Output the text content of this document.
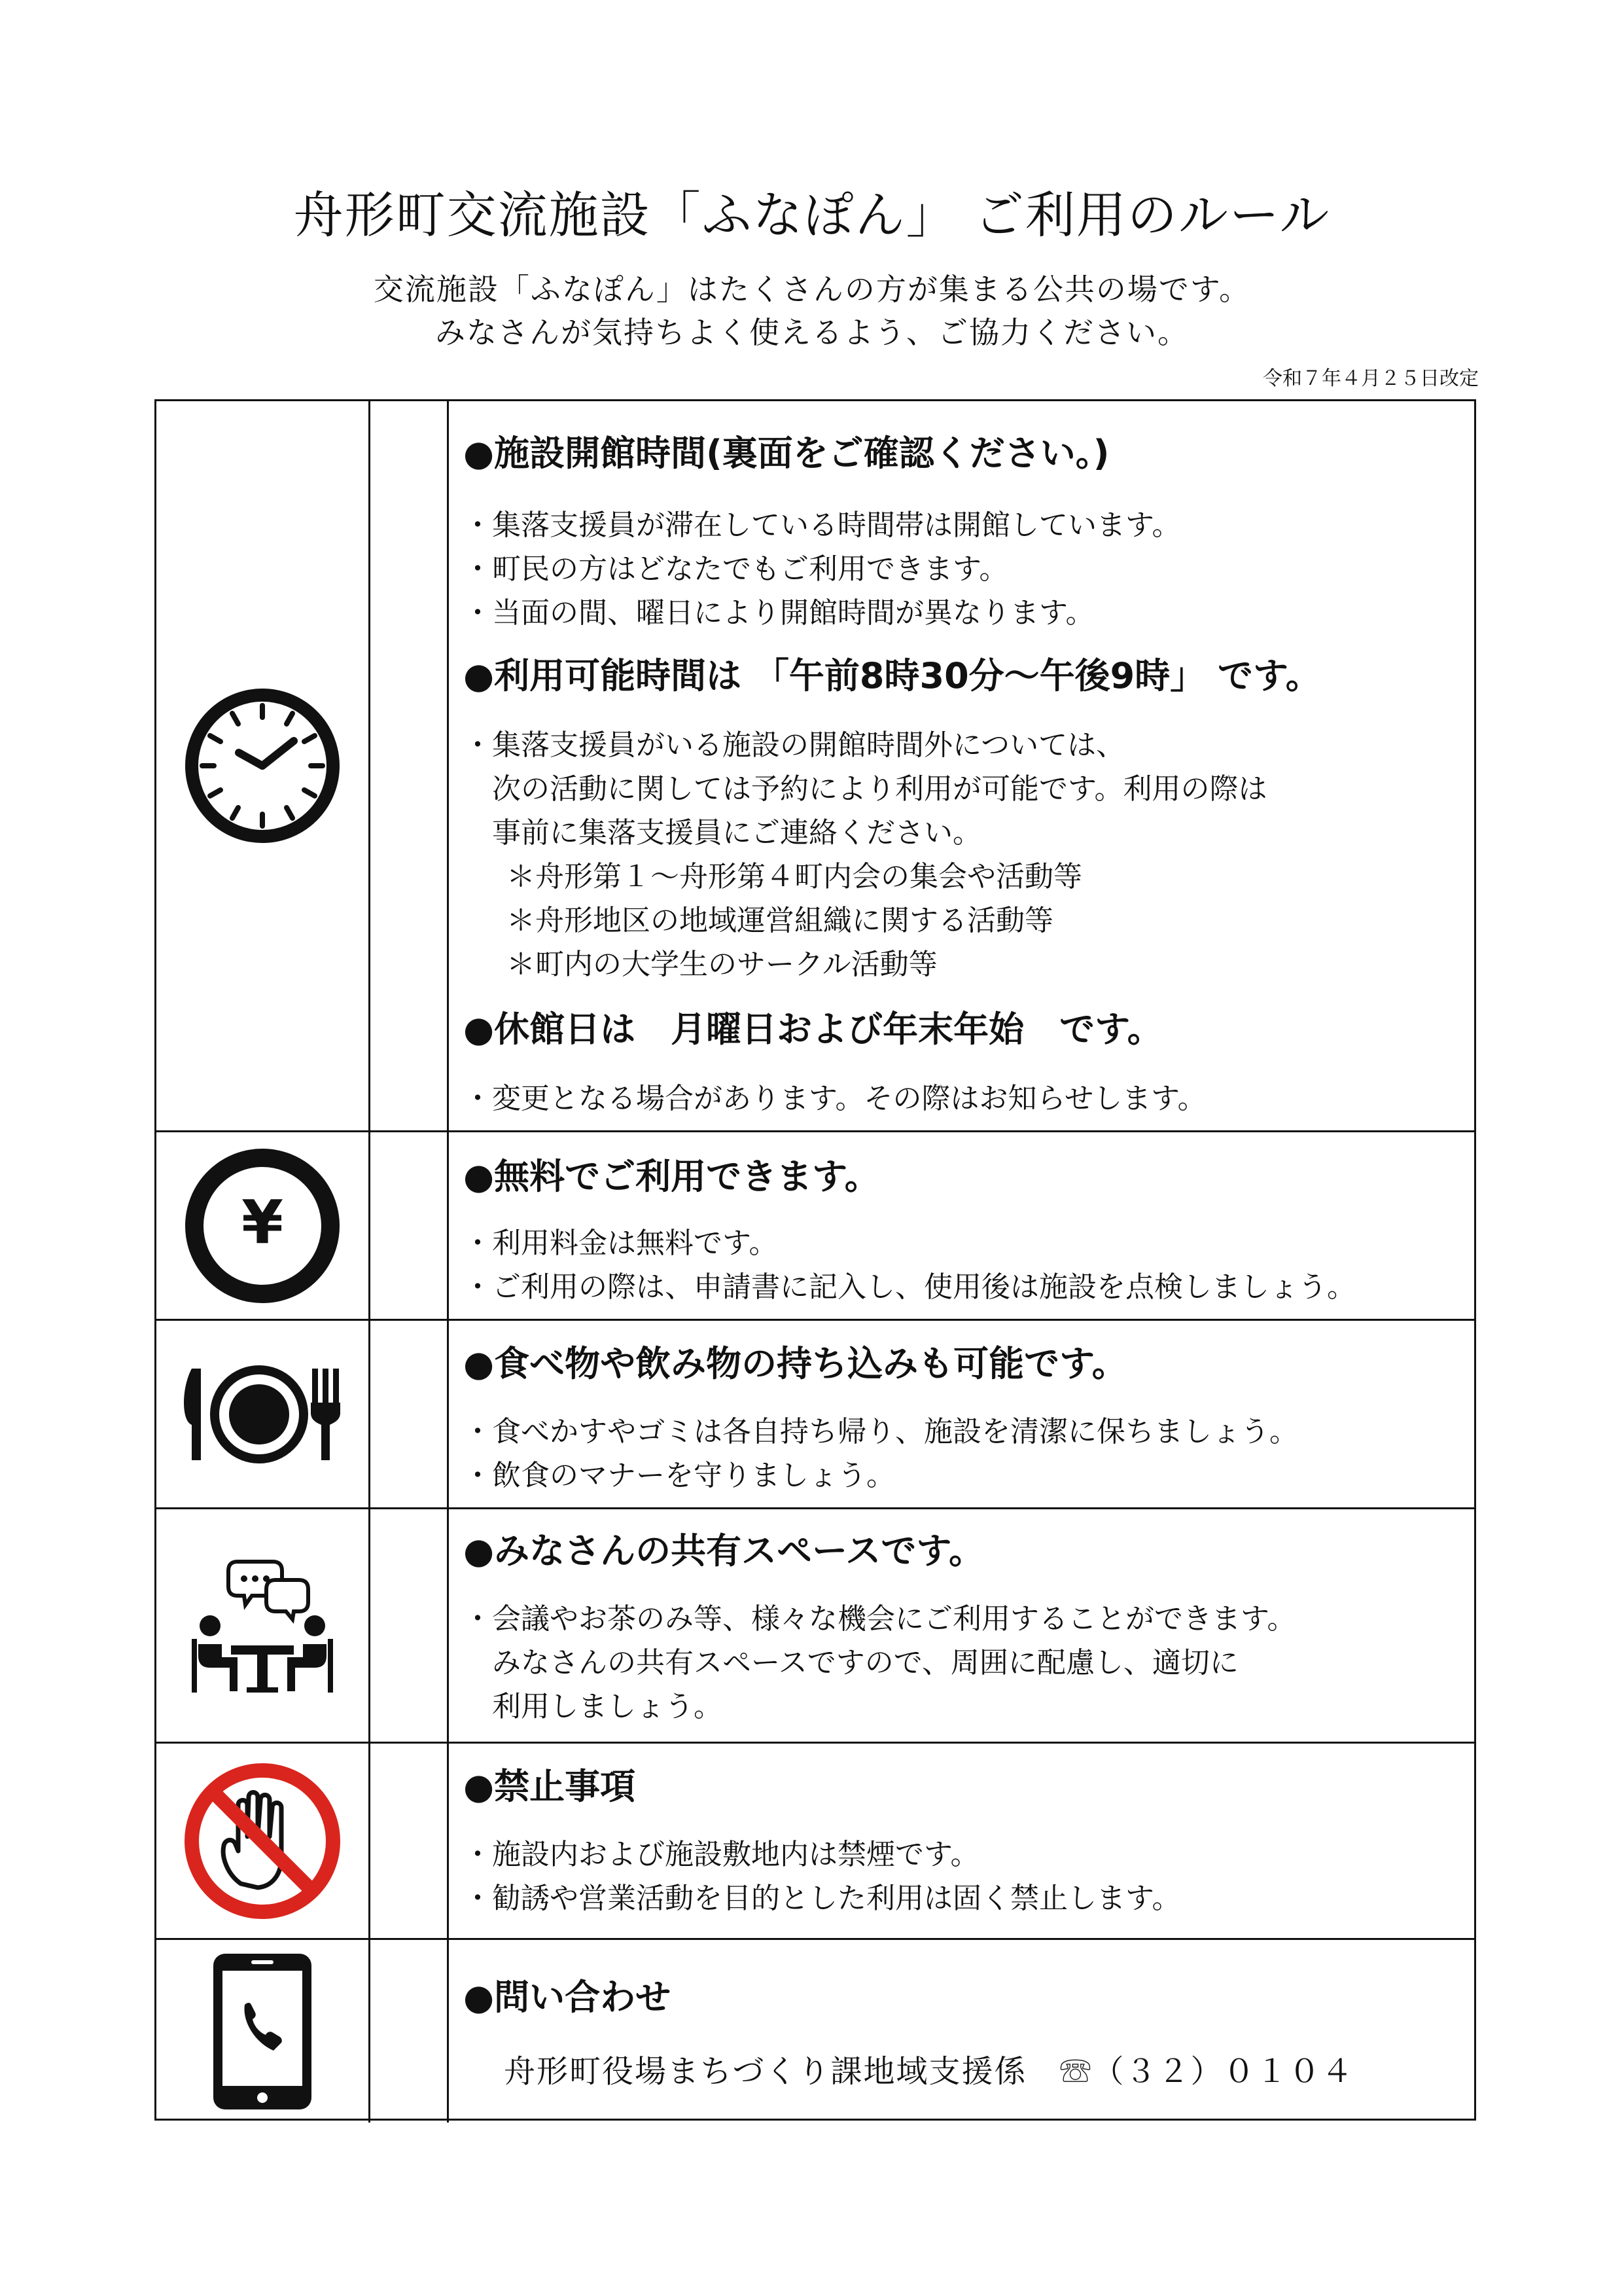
舟形町交流施設「ふなぽん」 ご利用のルール
交流施設「ふなぽん」はたくさんの方が集まる公共の場です。
みなさんが気持ちよく使えるよう、ご協力ください。
令和７年４月２５日改定

●施設開館時間(裏面をご確認ください。)

・集落支援員が滞在している時間帯は開館しています。

・町民の方はどなたでもご利用できます。

・当面の間、曜日により開館時間が異なります。

●利用可能時間は 「午前8時30分～午後9時」 です。

・集落支援員がいる施設の開館時間外については、

次の活動に関しては予約により利用が可能です。利用の際は

事前に集落支援員にご連絡ください。

＊舟形第１～舟形第４町内会の集会や活動等

＊舟形地区の地域運営組織に関する活動等

＊町内の大学生のサークル活動等

●休館日は　月曜日および年末年始　です。

・変更となる場合があります。その際はお知らせします。

¥

●無料でご利用できます。

・利用料金は無料です。

・ご利用の際は、申請書に記入し、使用後は施設を点検しましょう。

●食べ物や飲み物の持ち込みも可能です。

・食べかすやゴミは各自持ち帰り、施設を清潔に保ちましょう。

・飲食のマナーを守りましょう。

●みなさんの共有スペースです。

・会議やお茶のみ等、様々な機会にご利用することができます。

みなさんの共有スペースですので、周囲に配慮し、適切に

利用しましょう。

●禁止事項

・施設内および施設敷地内は禁煙です。

・勧誘や営業活動を目的とした利用は固く禁止します。

●問い合わせ

舟形町役場まちづくり課地域支援係　☏（３２）０１０４
